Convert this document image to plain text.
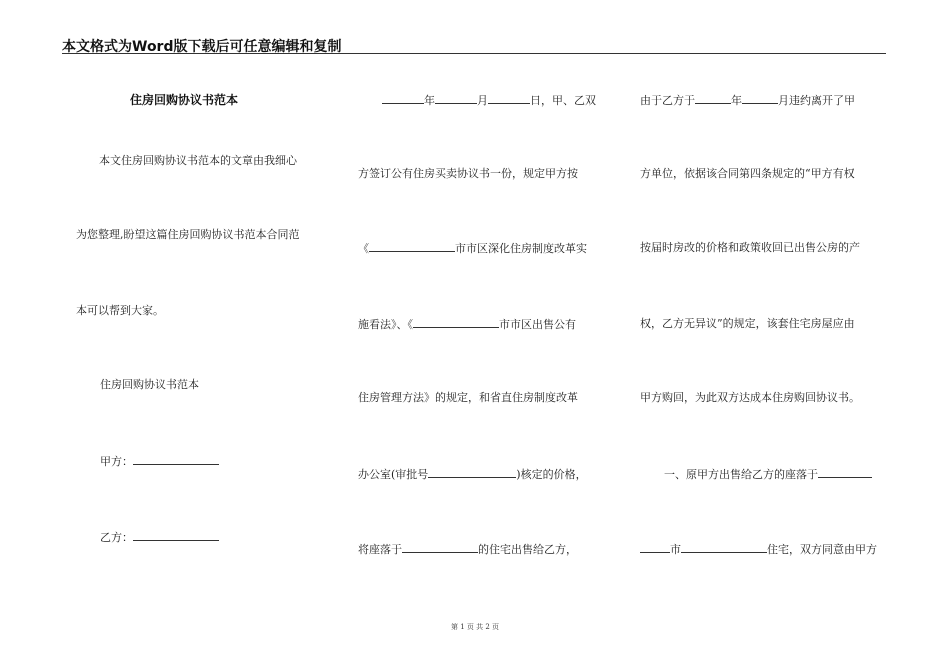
本文格式为Word版下载后可任意编辑和复制
住房回购协议书范本
本文住房回购协议书范本的文章由我细心
为您整理,盼望这篇住房回购协议书范本合同范
本可以帮到大家。
住房回购协议书范本
甲方：
乙方：
年	月	日，甲、乙双
方签订公有住房买卖协议书一份，规定甲方按
《	市市区深化住房制度改革实
施看法》、《	市市区出售公有
住房管理方法》的规定，和省直住房制度改革
办公室(审批号	)核定的价格，
将座落于	的住宅出售给乙方，
由于乙方于	年	月违约离开了甲
方单位，依据该合同第四条规定的“甲方有权
按届时房改的价格和政策收回已出售公房的产
权，乙方无异议”的规定，该套住宅房屋应由
甲方购回，为此双方达成本住房购回协议书。
一、原甲方出售给乙方的座落于
市	住宅，双方同意由甲方
第 1 页 共 2 页
